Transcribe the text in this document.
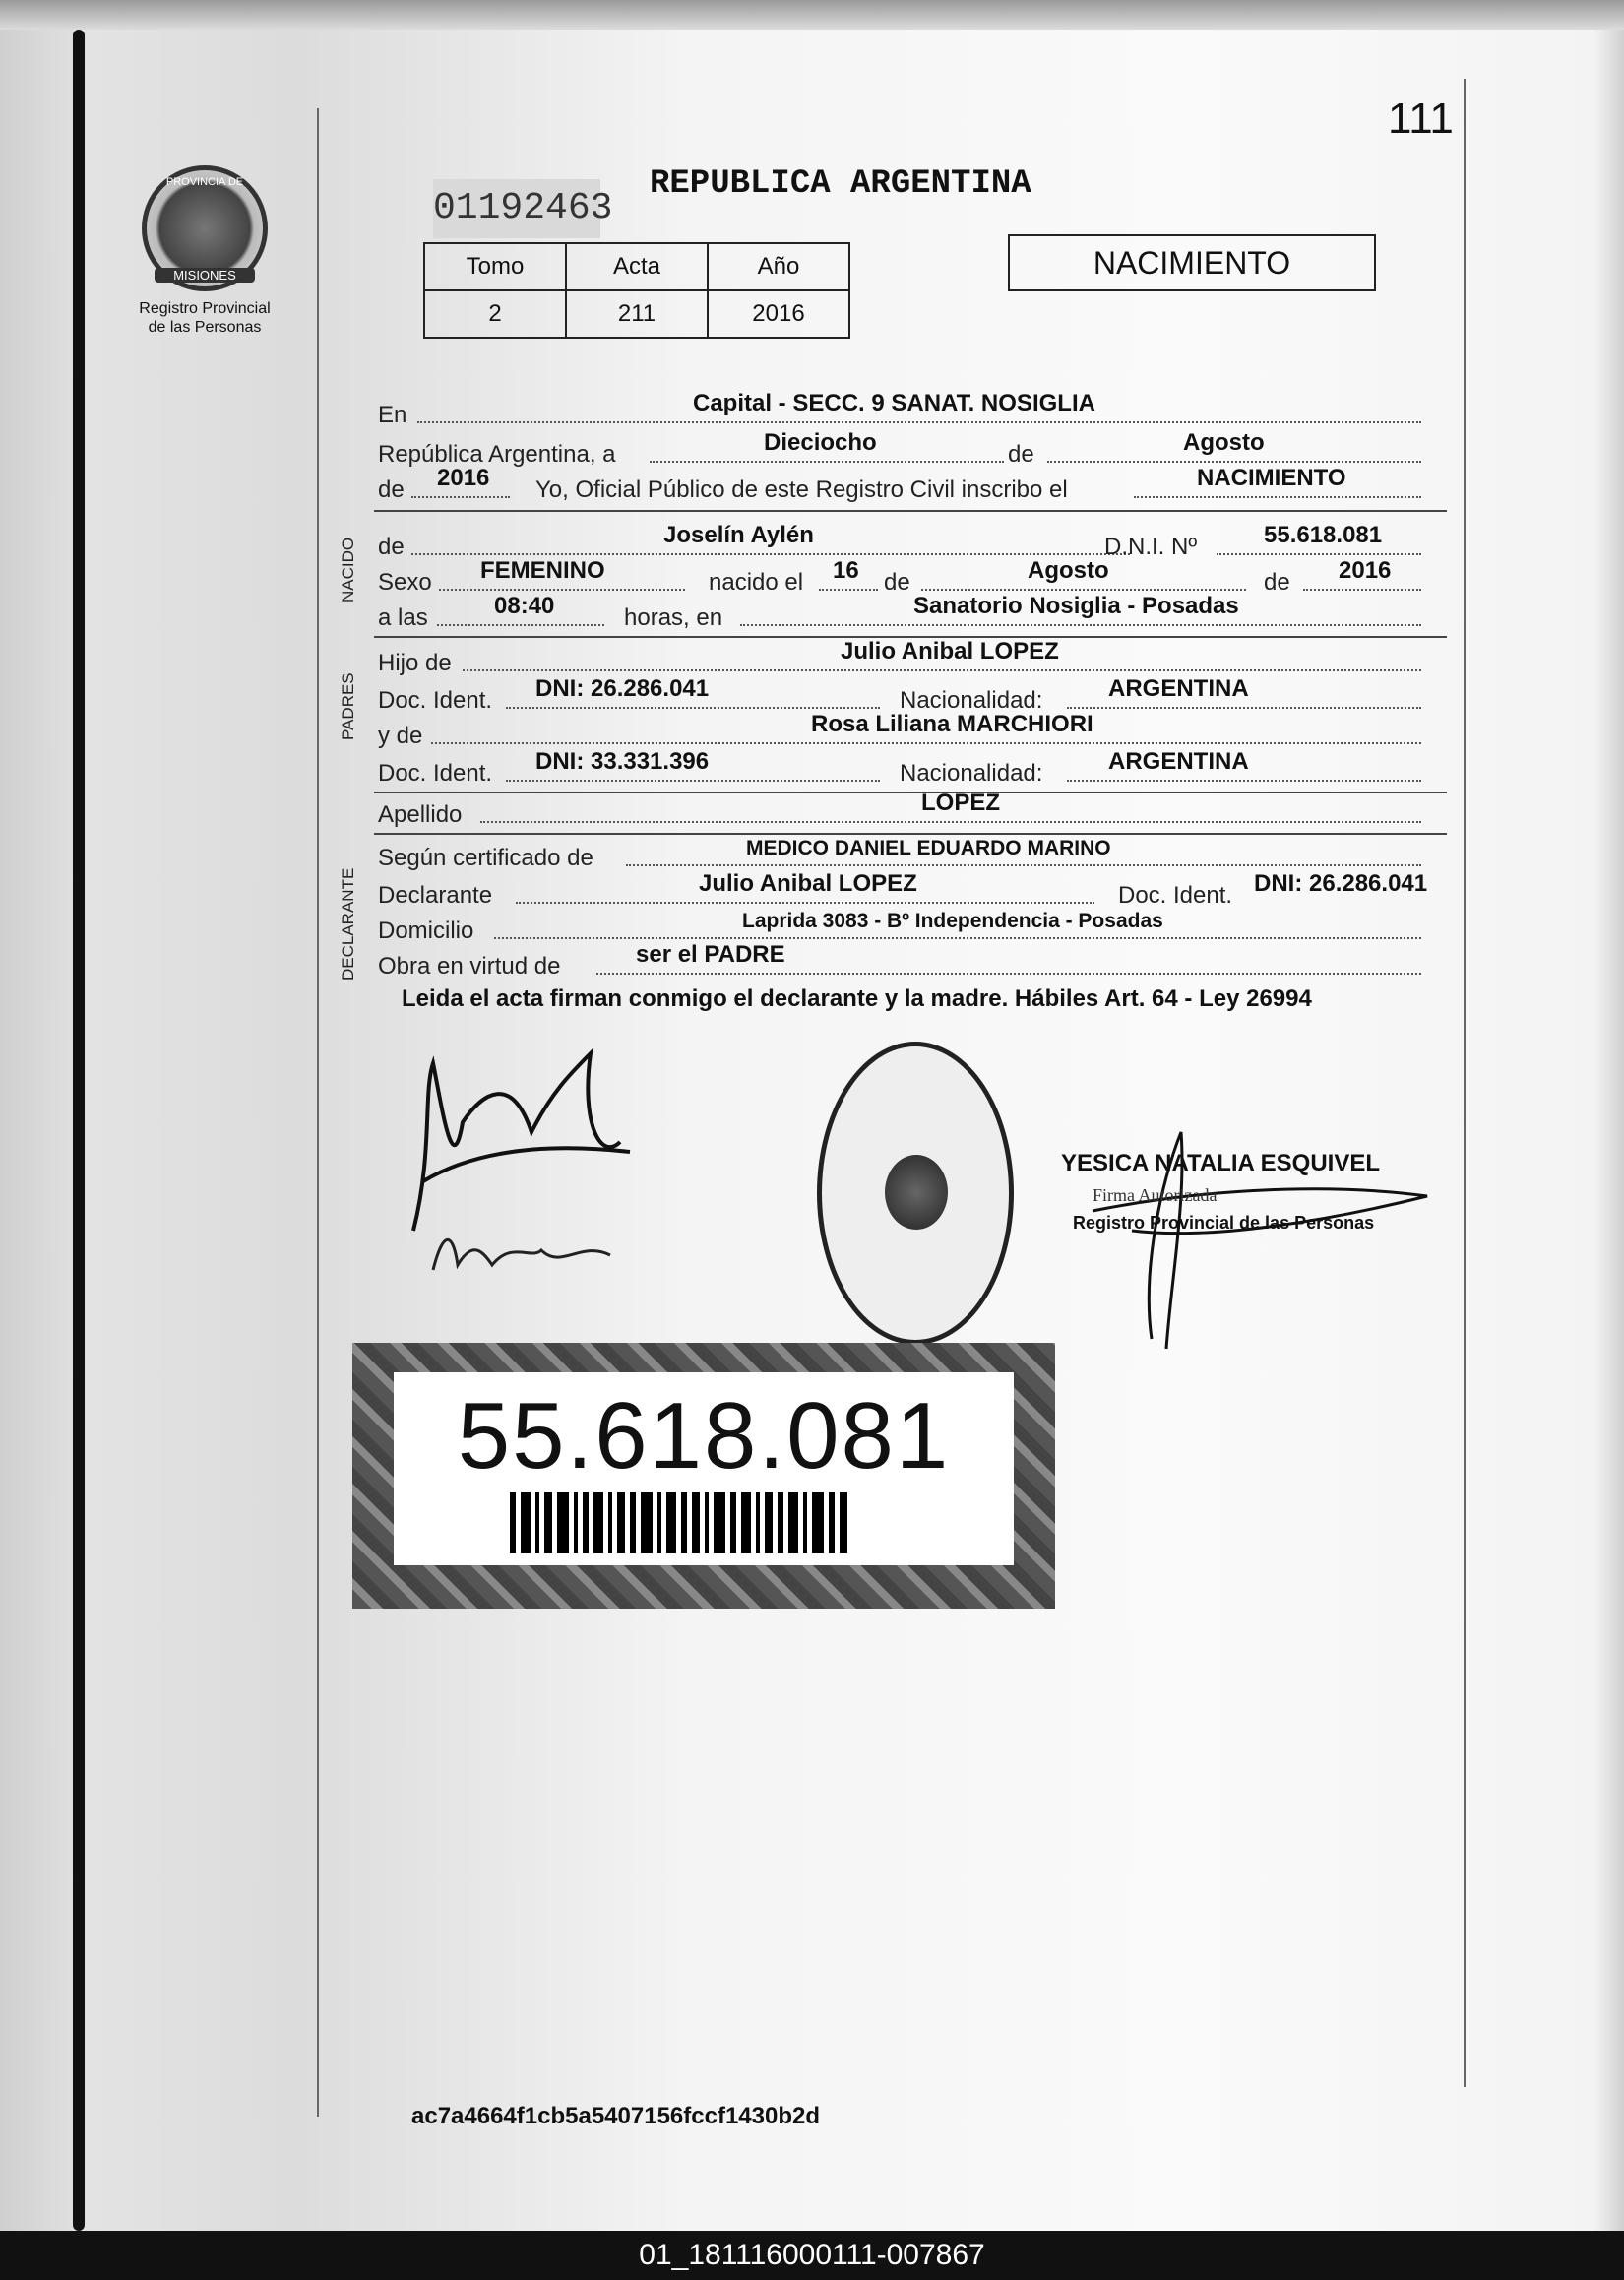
111
01192463
REPUBLICA ARGENTINA
PROVINCIA DE
MISIONES
Registro Provincial
de las Personas
Tomo	Acta	Año
2	211	2016
NACIMIENTO
En	Capital - SECC. 9 SANAT. NOSIGLIA
República Argentina, a	Dieciocho	de	Agosto
de 2016 Yo, Oficial Público de este Registro Civil inscribo el	NACIMIENTO
NACIDO de	Joselín Aylén	D.N.I. Nº	55.618.081
Sexo FEMENINO	nacido el 16 de	Agosto	de 2016
a las	08:40	horas, en	Sanatorio Nosiglia - Posadas
PADRES
Hijo de	Julio Anibal LOPEZ
Doc. Ident. DNI: 26.286.041	Nacionalidad:	ARGENTINA
y de	Rosa Liliana MARCHIORI
Doc. Ident. DNI: 33.331.396	Nacionalidad:	ARGENTINA
Apellido	LOPEZ
DECLARANTE
Según certificado de	MEDICO DANIEL EDUARDO MARINO
Declarante	Julio Anibal LOPEZ	Doc. Ident. DNI: 26.286.041
Domicilio	Laprida 3083 - Bº Independencia - Posadas
Obra en virtud de	ser el PADRE
Leida el acta firman conmigo el declarante y la madre. Hábiles Art. 64 - Ley 26994
YESICA NATALIA ESQUIVEL
Firma Autorizada
Registro Provincial de las Personas
55.618.081
ac7a4664f1cb5a5407156fccf1430b2d
01_181116000111-007867
